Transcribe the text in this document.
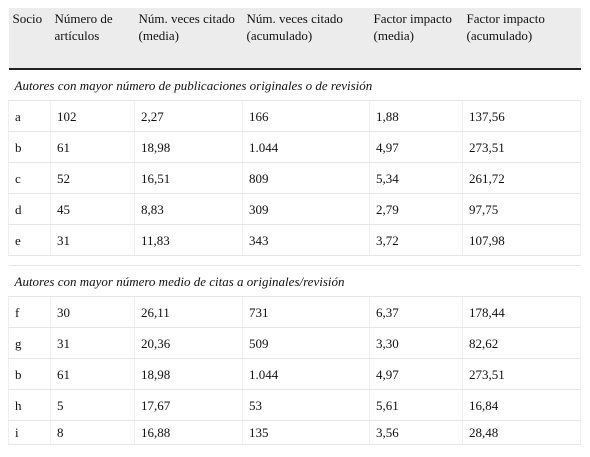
Socio	Número de artículos	Núm. veces citado (media)	Núm. veces citado (acumulado)	Factor impacto (media)	Factor impacto (acumulado)
Autores con mayor número de publicaciones originales o de revisión					
a	102	2,27	166	1,88	137,56
b	61	18,98	1.044	4,97	273,51
c	52	16,51	809	5,34	261,72
d	45	8,83	309	2,79	97,75
e	31	11,83	343	3,72	107,98

Autores con mayor número medio de citas a originales/revisión					
f	30	26,11	731	6,37	178,44
g	31	20,36	509	3,30	82,62
b	61	18,98	1.044	4,97	273,51
h	5	17,67	53	5,61	16,84
i	8	16,88	135	3,56	28,48
